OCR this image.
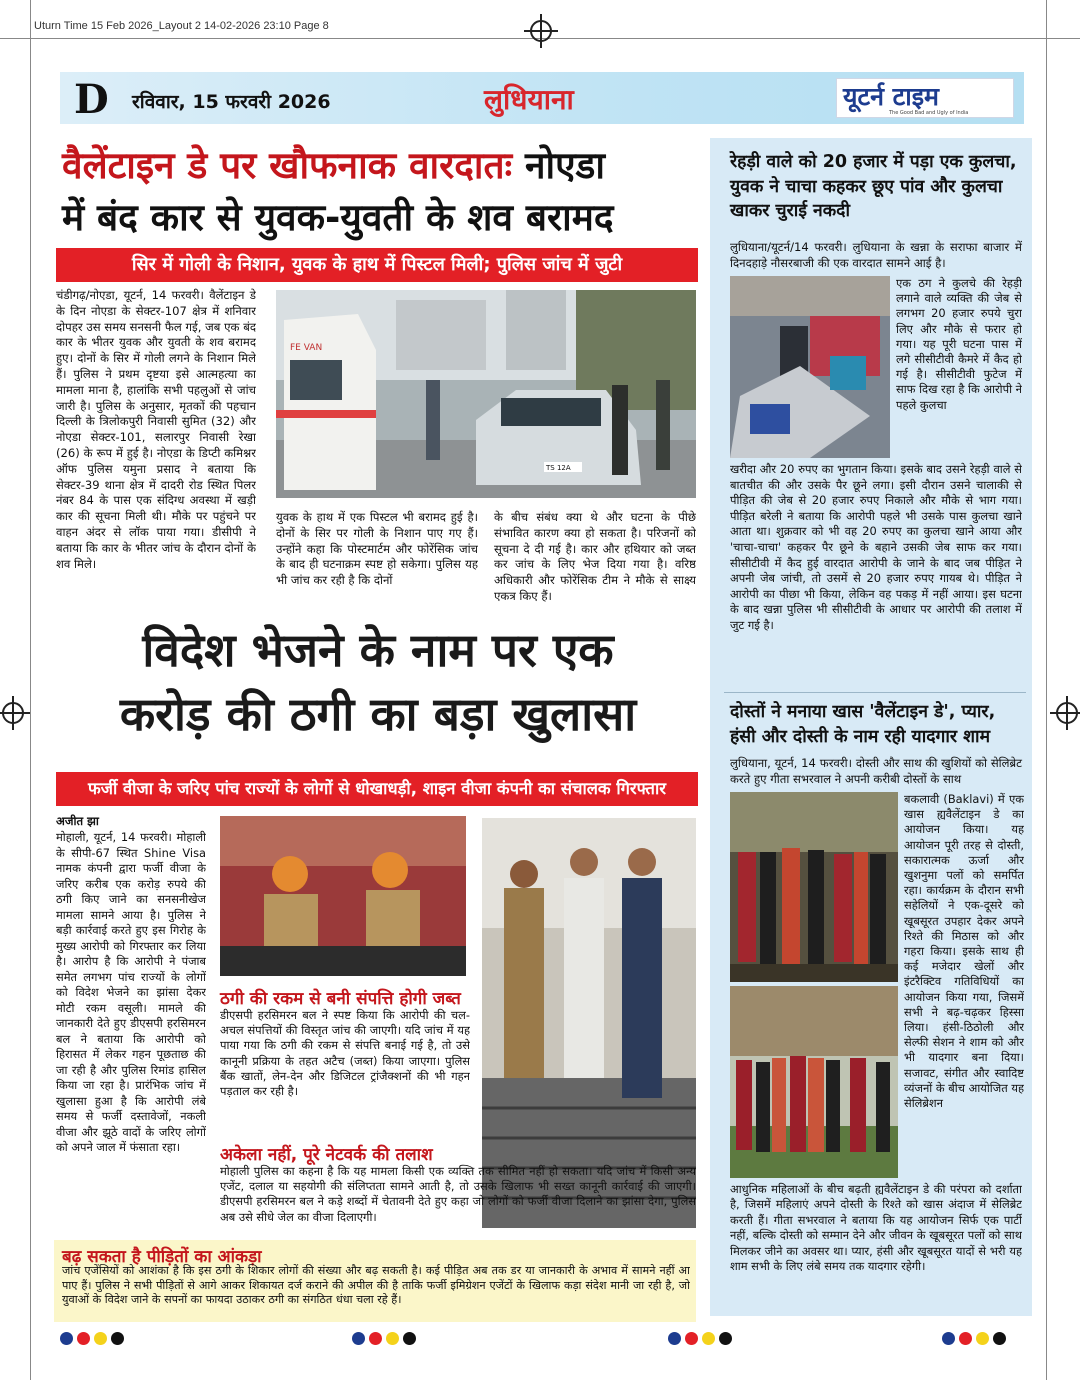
Uturn Time 15 Feb 2026_Layout 2 14-02-2026 23:10 Page 8
D रविवार, 15 फरवरी 2026	लुधियाना	यूटर्न टाइम
The Good Bad and Ugly of India
वैलेंटाइन डे पर खौफनाक वारदातः नोएडा
में बंद कार से युवक-युवती के शव बरामद
सिर में गोली के निशान, युवक के हाथ में पिस्टल मिली; पुलिस जांच में जुटी
चंडीगढ़/नोएडा, यूटर्न, 14 फरवरी। वैलेंटाइन डे के दिन नोएडा के सेक्टर-107 क्षेत्र में शनिवार दोपहर उस समय सनसनी फैल गई, जब एक बंद कार के भीतर युवक और युवती के शव बरामद हुए। दोनों के सिर में गोली लगने के निशान मिले हैं। पुलिस ने प्रथम दृष्टया इसे आत्महत्या का मामला माना है, हालांकि सभी पहलुओं से जांच जारी है। पुलिस के अनुसार, मृतकों की पहचान दिल्ली के त्रिलोकपुरी निवासी सुमित (32) और नोएडा सेक्टर-101, सलारपुर निवासी रेखा (26) के रूप में हुई है। नोएडा के डिप्टी कमिश्नर ऑफ पुलिस यमुना प्रसाद ने बताया कि सेक्टर-39 थाना क्षेत्र में दादरी रोड स्थित पिलर नंबर 84 के पास एक संदिग्ध अवस्था में खड़ी कार की सूचना मिली थी। मौके पर पहुंचने पर वाहन अंदर से लॉक पाया गया। डीसीपी ने बताया कि कार के भीतर जांच के दौरान दोनों के शव मिले।
FE VAN
TS 12A
युवक के हाथ में एक पिस्टल भी बरामद हुई है। दोनों के सिर पर गोली के निशान पाए गए हैं। उन्होंने कहा कि पोस्टमार्टम और फोरेंसिक जांच के बाद ही घटनाक्रम स्पष्ट हो सकेगा। पुलिस यह भी जांच कर रही है कि दोनों
के बीच संबंध क्या थे और घटना के पीछे संभावित कारण क्या हो सकता है। परिजनों को सूचना दे दी गई है। कार और हथियार को जब्त कर जांच के लिए भेज दिया गया है। वरिष्ठ अधिकारी और फोरेंसिक टीम ने मौके से साक्ष्य एकत्र किए हैं।
रेहड़ी वाले को 20 हजार में पड़ा एक कुलचा, युवक ने चाचा कहकर छूए पांव और कुलचा खाकर चुराई नकदी
लुधियाना/यूटर्न/14 फरवरी। लुधियाना के खन्ना के सराफा बाजार में दिनदहाड़े नौसरबाजी की एक वारदात सामने आई है।
एक ठग ने कुलचे की रेहड़ी लगाने वाले व्यक्ति की जेब से लगभग 20 हजार रुपये चुरा लिए और मौके से फरार हो गया। यह पूरी घटना पास में लगे सीसीटीवी कैमरे में कैद हो गई है। सीसीटीवी फुटेज में साफ दिख रहा है कि आरोपी ने पहले कुलचा
खरीदा और 20 रुपए का भुगतान किया। इसके बाद उसने रेहड़ी वाले से बातचीत की और उसके पैर छूने लगा। इसी दौरान उसने चालाकी से पीड़ित की जेब से 20 हजार रुपए निकाले और मौके से भाग गया। पीड़ित बरेली ने बताया कि आरोपी पहले भी उसके पास कुलचा खाने आता था। शुक्रवार को भी वह 20 रुपए का कुलचा खाने आया और 'चाचा-चाचा' कहकर पैर छूने के बहाने उसकी जेब साफ कर गया। सीसीटीवी में कैद हुई वारदात आरोपी के जाने के बाद जब पीड़ित ने अपनी जेब जांची, तो उसमें से 20 हजार रुपए गायब थे। पीड़ित ने आरोपी का पीछा भी किया, लेकिन वह पकड़ में नहीं आया। इस घटना के बाद खन्ना पुलिस भी सीसीटीवी के आधार पर आरोपी की तलाश में जुट गई है।
दोस्तों ने मनाया खास 'वैलेंटाइन डे', प्यार, हंसी और दोस्ती के नाम रही यादगार शाम
लुधियाना, यूटर्न, 14 फरवरी। दोस्ती और साथ की खुशियों को सेलिब्रेट करते हुए गीता सभरवाल ने अपनी करीबी दोस्तों के साथ
बकलावी (Baklavi) में एक खास ह्यवैलेंटाइन डे का आयोजन किया। यह आयोजन पूरी तरह से दोस्ती, सकारात्मक ऊर्जा और खुशनुमा पलों को समर्पित रहा। कार्यक्रम के दौरान सभी सहेलियों ने एक-दूसरे को खूबसूरत उपहार देकर अपने रिश्ते की मिठास को और गहरा किया। इसके साथ ही कई मजेदार खेलों और इंटरैक्टिव गतिविधियों का आयोजन किया गया, जिसमें सभी ने बढ़-चढ़कर हिस्सा लिया। हंसी-ठिठोली और सेल्फी सेशन ने शाम को और भी यादगार बना दिया। सजावट, संगीत और स्वादिष्ट व्यंजनों के बीच आयोजित यह सेलिब्रेशन
आधुनिक महिलाओं के बीच बढ़ती ह्यवैलेंटाइन डे की परंपरा को दर्शाता है, जिसमें महिलाएं अपने दोस्ती के रिश्ते को खास अंदाज में सेलिब्रेट करती हैं। गीता सभरवाल ने बताया कि यह आयोजन सिर्फ एक पार्टी नहीं, बल्कि दोस्ती को सम्मान देने और जीवन के खूबसूरत पलों को साथ मिलकर जीने का अवसर था। प्यार, हंसी और खूबसूरत यादों से भरी यह शाम सभी के लिए लंबे समय तक यादगार रहेगी।
विदेश भेजने के नाम पर एक
करोड़ की ठगी का बड़ा खुलासा
फर्जी वीजा के जरिए पांच राज्यों के लोगों से धोखाधड़ी, शाइन वीजा कंपनी का संचालक गिरफ्तार
अजीत झा
मोहाली, यूटर्न, 14 फरवरी। मोहाली के सीपी-67 स्थित Shine Visa नामक कंपनी द्वारा फर्जी वीजा के जरिए करीब एक करोड़ रुपये की ठगी किए जाने का सनसनीखेज मामला सामने आया है। पुलिस ने बड़ी कार्रवाई करते हुए इस गिरोह के मुख्य आरोपी को गिरफ्तार कर लिया है। आरोप है कि आरोपी ने पंजाब समेत लगभग पांच राज्यों के लोगों को विदेश भेजने का झांसा देकर मोटी रकम वसूली। मामले की जानकारी देते हुए डीएसपी हरसिमरन बल ने बताया कि आरोपी को हिरासत में लेकर गहन पूछताछ की जा रही है और पुलिस रिमांड हासिल किया जा रहा है। प्रारंभिक जांच में खुलासा हुआ है कि आरोपी लंबे समय से फर्जी दस्तावेजों, नकली वीजा और झूठे वादों के जरिए लोगों को अपने जाल में फंसाता रहा।
ठगी की रकम से बनी संपत्ति होगी जब्त
डीएसपी हरसिमरन बल ने स्पष्ट किया कि आरोपी की चल-अचल संपत्तियों की विस्तृत जांच की जाएगी। यदि जांच में यह पाया गया कि ठगी की रकम से संपत्ति बनाई गई है, तो उसे कानूनी प्रक्रिया के तहत अटैच (जब्त) किया जाएगा। पुलिस बैंक खातों, लेन-देन और डिजिटल ट्रांजैक्शनों की भी गहन पड़ताल कर रही है।
अकेला नहीं, पूरे नेटवर्क की तलाश
मोहाली पुलिस का कहना है कि यह मामला किसी एक व्यक्ति तक सीमित नहीं हो सकता। यदि जांच में किसी अन्य एजेंट, दलाल या सहयोगी की संलिप्तता सामने आती है, तो उसके खिलाफ भी सख्त कानूनी कार्रवाई की जाएगी। डीएसपी हरसिमरन बल ने कड़े शब्दों में चेतावनी देते हुए कहा जो लोगों को फर्जी वीजा दिलाने का झांसा देगा, पुलिस अब उसे सीधे जेल का वीजा दिलाएगी।
बढ़ सकता है पीड़ितों का आंकड़ा
जांच एजेंसियों को आशंका है कि इस ठगी के शिकार लोगों की संख्या और बढ़ सकती है। कई पीड़ित अब तक डर या जानकारी के अभाव में सामने नहीं आ पाए हैं। पुलिस ने सभी पीड़ितों से आगे आकर शिकायत दर्ज कराने की अपील की है ताकि फर्जी इमिग्रेशन एजेंटों के खिलाफ कड़ा संदेश मानी जा रही है, जो युवाओं के विदेश जाने के सपनों का फायदा उठाकर ठगी का संगठित धंधा चला रहे हैं।
